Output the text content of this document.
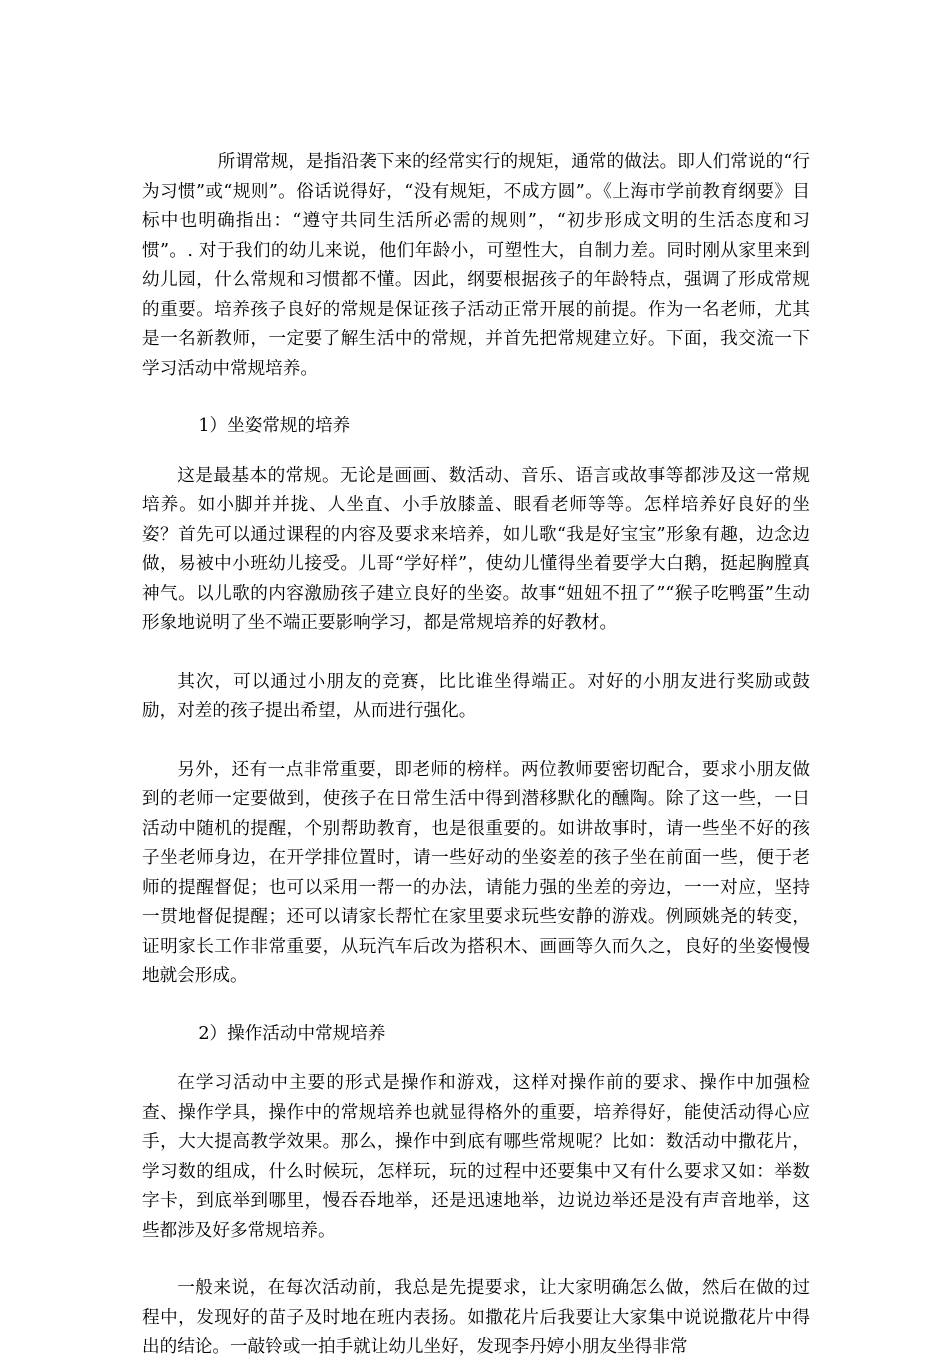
所谓常规，是指沿袭下来的经常实行的规矩，通常的做法。即人们常说的“行为习惯”或“规则”。俗话说得好，“没有规矩，不成方圆”。《上海市学前教育纲要》目标中也明确指出：“遵守共同生活所必需的规则”，“初步形成文明的生活态度和习惯”。. 对于我们的幼儿来说，他们年龄小，可塑性大，自制力差。同时刚从家里来到幼儿园，什么常规和习惯都不懂。因此，纲要根据孩子的年龄特点，强调了形成常规的重要。培养孩子良好的常规是保证孩子活动正常开展的前提。作为一名老师，尤其是一名新教师，一定要了解生活中的常规，并首先把常规建立好。下面，我交流一下学习活动中常规培养。

1）坐姿常规的培养

这是最基本的常规。无论是画画、数活动、音乐、语言或故事等都涉及这一常规培养。如小脚并并拢、人坐直、小手放膝盖、眼看老师等等。怎样培养好良好的坐姿？首先可以通过课程的内容及要求来培养，如儿歌“我是好宝宝”形象有趣，边念边做，易被中小班幼儿接受。儿哥“学好样”，使幼儿懂得坐着要学大白鹅，挺起胸膛真神气。以儿歌的内容激励孩子建立良好的坐姿。故事“妞妞不扭了”“猴子吃鸭蛋”生动形象地说明了坐不端正要影响学习，都是常规培养的好教材。

其次，可以通过小朋友的竞赛，比比谁坐得端正。对好的小朋友进行奖励或鼓励，对差的孩子提出希望，从而进行强化。

另外，还有一点非常重要，即老师的榜样。两位教师要密切配合，要求小朋友做到的老师一定要做到，使孩子在日常生活中得到潜移默化的醺陶。除了这一些，一日活动中随机的提醒，个别帮助教育，也是很重要的。如讲故事时，请一些坐不好的孩子坐老师身边，在开学排位置时，请一些好动的坐姿差的孩子坐在前面一些，便于老师的提醒督促；也可以采用一帮一的办法，请能力强的坐差的旁边，一一对应，坚持一贯地督促提醒；还可以请家长帮忙在家里要求玩些安静的游戏。例顾姚尧的转变，证明家长工作非常重要，从玩汽车后改为搭积木、画画等久而久之，良好的坐姿慢慢地就会形成。

2）操作活动中常规培养

在学习活动中主要的形式是操作和游戏，这样对操作前的要求、操作中加强检查、操作学具，操作中的常规培养也就显得格外的重要，培养得好，能使活动得心应手，大大提高教学效果。那么，操作中到底有哪些常规呢？比如：数活动中撒花片，学习数的组成，什么时候玩，怎样玩，玩的过程中还要集中又有什么要求又如：举数字卡，到底举到哪里，慢吞吞地举，还是迅速地举，边说边举还是没有声音地举，这些都涉及好多常规培养。

一般来说，在每次活动前，我总是先提要求，让大家明确怎么做，然后在做的过程中，发现好的苗子及时地在班内表扬。如撒花片后我要让大家集中说说撒花片中得出的结论。一敲铃或一拍手就让幼儿坐好，发现李丹婷小朋友坐得非常
